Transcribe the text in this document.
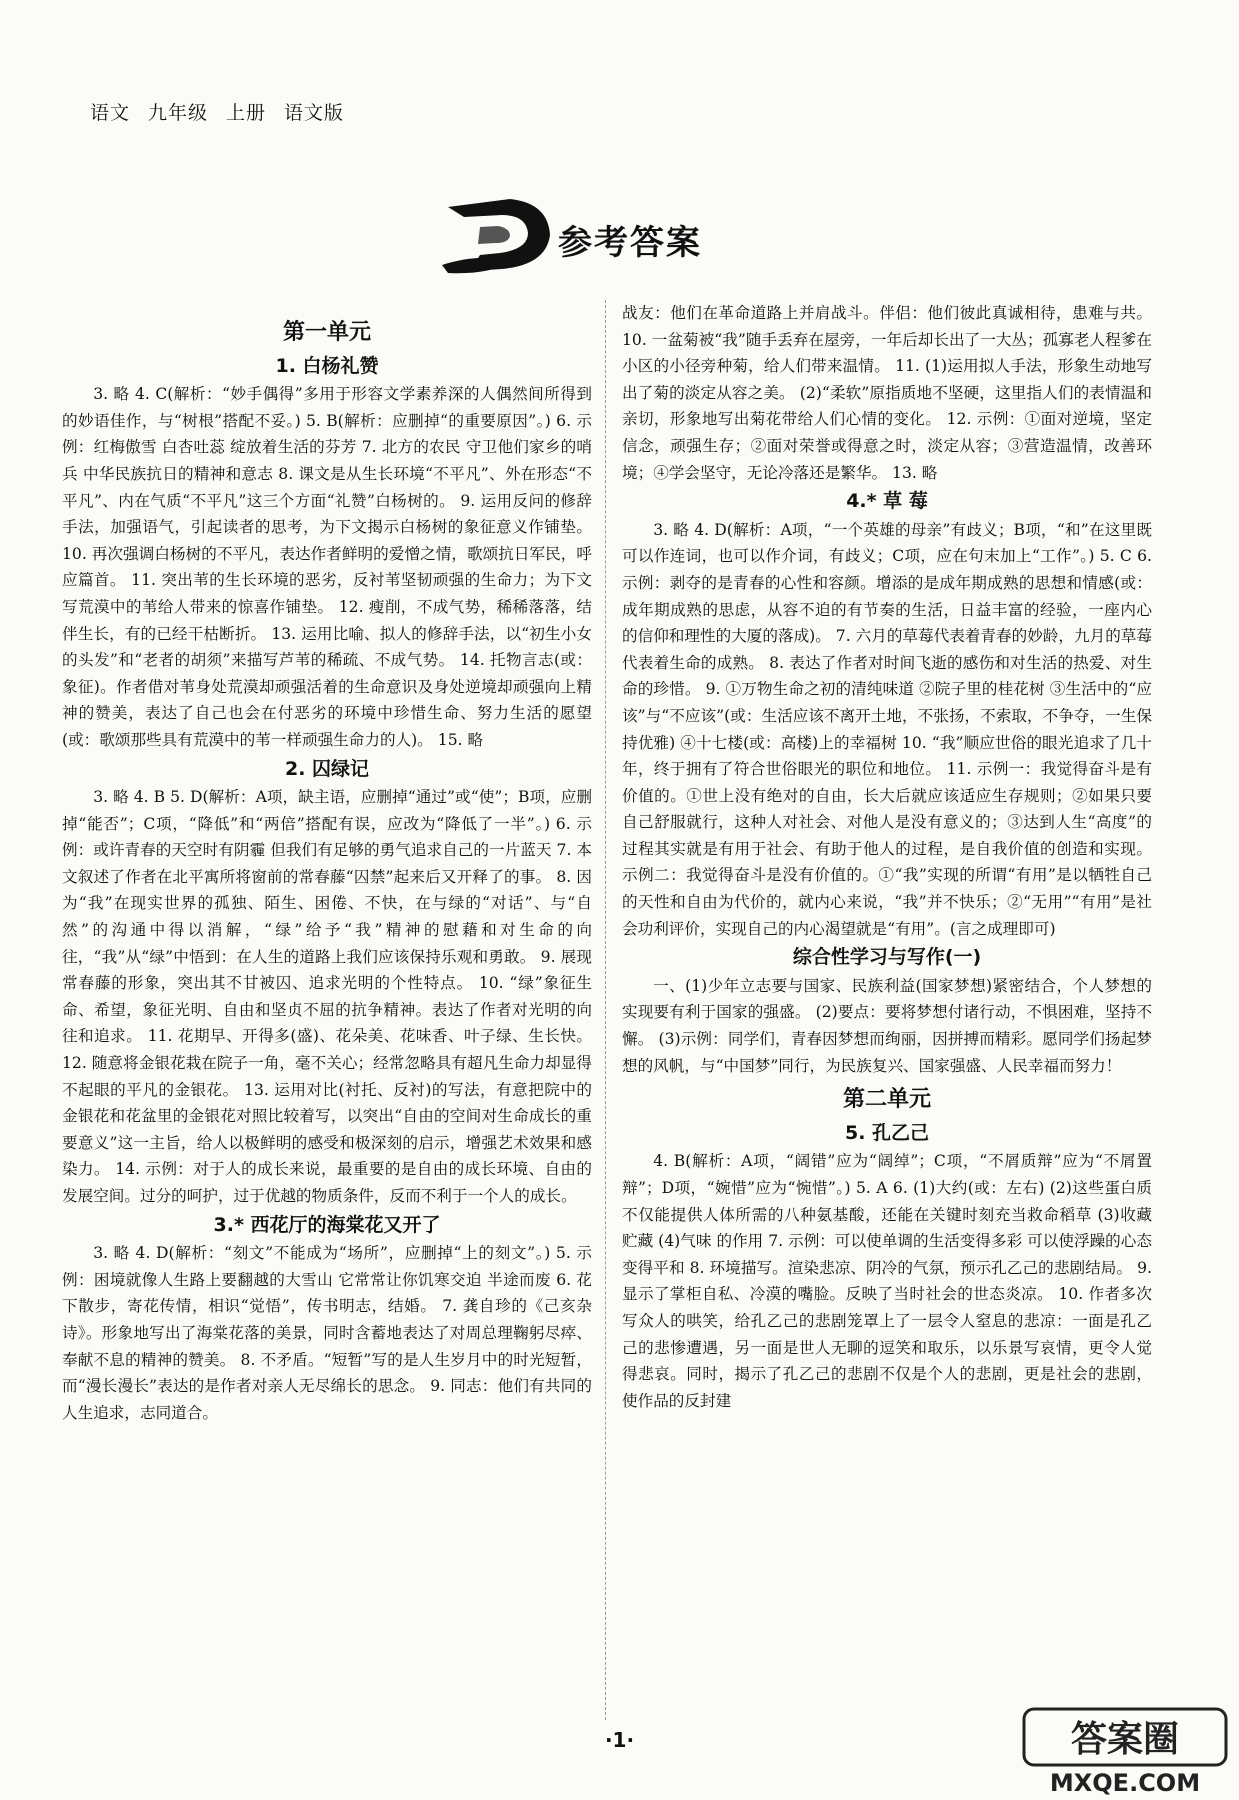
语文 九年级 上册 语文版
参考答案
第一单元
1. 白杨礼赞

3. 略 4. C(解析：“妙手偶得”多用于形容文学素养深的人偶然间所得到的妙语佳作，与“树根”搭配不妥。) 5. B(解析：应删掉“的重要原因”。) 6. 示例：红梅傲雪 白杏吐蕊 绽放着生活的芬芳 7. 北方的农民 守卫他们家乡的哨兵 中华民族抗日的精神和意志 8. 课文是从生长环境“不平凡”、外在形态“不平凡”、内在气质“不平凡”这三个方面“礼赞”白杨树的。 9. 运用反问的修辞手法，加强语气，引起读者的思考，为下文揭示白杨树的象征意义作铺垫。 10. 再次强调白杨树的不平凡，表达作者鲜明的爱憎之情，歌颂抗日军民，呼应篇首。 11. 突出苇的生长环境的恶劣，反衬苇坚韧顽强的生命力；为下文写荒漠中的苇给人带来的惊喜作铺垫。 12. 瘦削，不成气势，稀稀落落，结伴生长，有的已经干枯断折。 13. 运用比喻、拟人的修辞手法，以“初生小女的头发”和“老者的胡须”来描写芦苇的稀疏、不成气势。 14. 托物言志(或：象征)。作者借对苇身处荒漠却顽强活着的生命意识及身处逆境却顽强向上精神的赞美，表达了自己也会在付恶劣的环境中珍惜生命、努力生活的愿望(或：歌颂那些具有荒漠中的苇一样顽强生命力的人)。 15. 略

2. 囚绿记

3. 略 4. B 5. D(解析：A项，缺主语，应删掉“通过”或“使”；B项，应删掉“能否”；C项，“降低”和“两倍”搭配有误，应改为“降低了一半”。) 6. 示例：或许青春的天空时有阴霾 但我们有足够的勇气追求自己的一片蓝天 7. 本文叙述了作者在北平寓所将窗前的常春藤“囚禁”起来后又开释了的事。 8. 因为“我”在现实世界的孤独、陌生、困倦、不快，在与绿的“对话”、与“自然”的沟通中得以消解，“绿”给予“我”精神的慰藉和对生命的向往，“我”从“绿”中悟到：在人生的道路上我们应该保持乐观和勇敢。 9. 展现常春藤的形象，突出其不甘被囚、追求光明的个性特点。 10. “绿”象征生命、希望，象征光明、自由和坚贞不屈的抗争精神。表达了作者对光明的向往和追求。 11. 花期早、开得多(盛)、花朵美、花味香、叶子绿、生长快。 12. 随意将金银花栽在院子一角，毫不关心；经常忽略具有超凡生命力却显得不起眼的平凡的金银花。 13. 运用对比(衬托、反衬)的写法，有意把院中的金银花和花盆里的金银花对照比较着写，以突出“自由的空间对生命成长的重要意义”这一主旨，给人以极鲜明的感受和极深刻的启示，增强艺术效果和感染力。 14. 示例：对于人的成长来说，最重要的是自由的成长环境、自由的发展空间。过分的呵护，过于优越的物质条件，反而不利于一个人的成长。

3.* 西花厅的海棠花又开了

3. 略 4. D(解析：“刻文”不能成为“场所”，应删掉“上的刻文”。) 5. 示例：困境就像人生路上要翻越的大雪山 它常常让你饥寒交迫 半途而废 6. 花下散步，寄花传情，相识“觉悟”，传书明志，结婚。 7. 龚自珍的《己亥杂诗》。形象地写出了海棠花落的美景，同时含蓄地表达了对周总理鞠躬尽瘁、奉献不息的精神的赞美。 8. 不矛盾。“短暂”写的是人生岁月中的时光短暂，而“漫长漫长”表达的是作者对亲人无尽绵长的思念。 9. 同志：他们有共同的人生追求，志同道合。

战友：他们在革命道路上并肩战斗。伴侣：他们彼此真诚相待，患难与共。 10. 一盆菊被“我”随手丢弃在屋旁，一年后却长出了一大丛；孤寡老人程爹在小区的小径旁种菊，给人们带来温情。 11. (1)运用拟人手法，形象生动地写出了菊的淡定从容之美。 (2)“柔软”原指质地不坚硬，这里指人们的表情温和亲切，形象地写出菊花带给人们心情的变化。 12. 示例：①面对逆境，坚定信念，顽强生存；②面对荣誉或得意之时，淡定从容；③营造温情，改善环境；④学会坚守，无论冷落还是繁华。 13. 略

4.* 草 莓

3. 略 4. D(解析：A项，“一个英雄的母亲”有歧义；B项，“和”在这里既可以作连词，也可以作介词，有歧义；C项，应在句末加上“工作”。) 5. C 6. 示例：剥夺的是青春的心性和容颜。增添的是成年期成熟的思想和情感(或：成年期成熟的思虑，从容不迫的有节奏的生活，日益丰富的经验，一座内心的信仰和理性的大厦的落成)。 7. 六月的草莓代表着青春的妙龄，九月的草莓代表着生命的成熟。 8. 表达了作者对时间飞逝的感伤和对生活的热爱、对生命的珍惜。 9. ①万物生命之初的清纯味道 ②院子里的桂花树 ③生活中的“应该”与“不应该”(或：生活应该不离开土地，不张扬，不索取，不争夺，一生保持优雅) ④十七楼(或：高楼)上的幸福树 10. “我”顺应世俗的眼光追求了几十年，终于拥有了符合世俗眼光的职位和地位。 11. 示例一：我觉得奋斗是有价值的。①世上没有绝对的自由，长大后就应该适应生存规则；②如果只要自己舒服就行，这种人对社会、对他人是没有意义的；③达到人生“高度”的过程其实就是有用于社会、有助于他人的过程，是自我价值的创造和实现。 示例二：我觉得奋斗是没有价值的。①“我”实现的所谓“有用”是以牺牲自己的天性和自由为代价的，就内心来说，“我”并不快乐；②“无用”“有用”是社会功利评价，实现自己的内心渴望就是“有用”。(言之成理即可)

综合性学习与写作(一)

一、(1)少年立志要与国家、民族利益(国家梦想)紧密结合，个人梦想的实现要有利于国家的强盛。 (2)要点：要将梦想付诸行动，不惧困难，坚持不懈。 (3)示例：同学们，青春因梦想而绚丽，因拼搏而精彩。愿同学们扬起梦想的风帆，与“中国梦”同行，为民族复兴、国家强盛、人民幸福而努力！

第二单元
5. 孔乙己

4. B(解析：A项，“阔错”应为“阔绰”；C项，“不屑质辩”应为“不屑置辩”；D项，“婉惜”应为“惋惜”。) 5. A 6. (1)大约(或：左右) (2)这些蛋白质不仅能提供人体所需的八种氨基酸，还能在关键时刻充当救命稻草 (3)收藏 贮藏 (4)气味 的作用 7. 示例：可以使单调的生活变得多彩 可以使浮躁的心态变得平和 8. 环境描写。渲染悲凉、阴冷的气氛，预示孔乙己的悲剧结局。 9. 显示了掌柜自私、冷漠的嘴脸。反映了当时社会的世态炎凉。 10. 作者多次写众人的哄笑，给孔乙己的悲剧笼罩上了一层令人窒息的悲凉：一面是孔乙己的悲惨遭遇，另一面是世人无聊的逗笑和取乐，以乐景写哀情，更令人觉得悲哀。同时，揭示了孔乙己的悲剧不仅是个人的悲剧，更是社会的悲剧，使作品的反封建

·1·	答案圈
MXQE.COM
